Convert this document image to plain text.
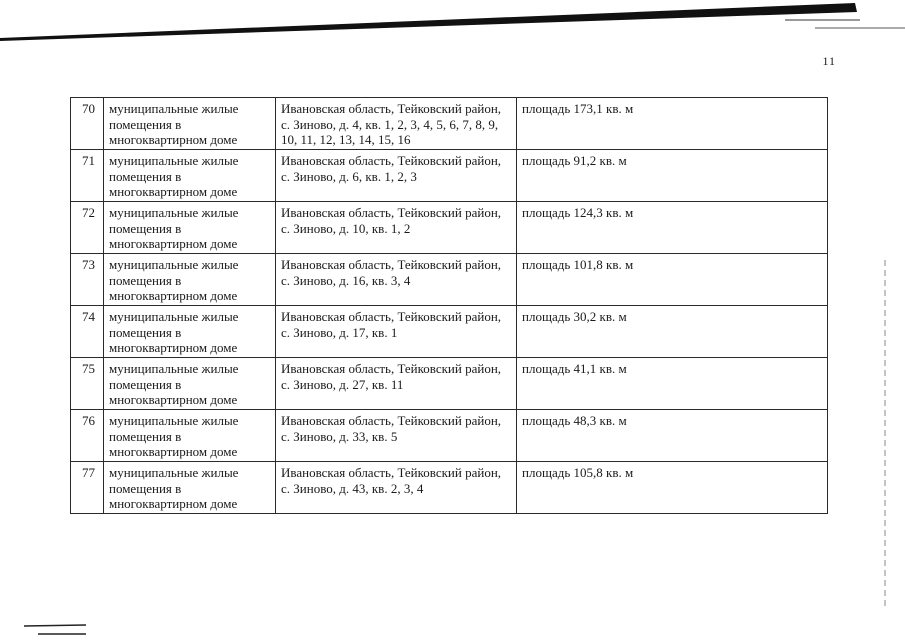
11
70	муниципальные жилые помещения в многоквартирном доме	Ивановская область, Тейковский район, с. Зиново, д. 4, кв. 1, 2, 3, 4, 5, 6, 7, 8, 9, 10, 11, 12, 13, 14, 15, 16	площадь 173,1 кв. м
71	муниципальные жилые помещения в многоквартирном доме	Ивановская область, Тейковский район, с. Зиново, д. 6, кв. 1, 2, 3	площадь 91,2 кв. м
72	муниципальные жилые помещения в многоквартирном доме	Ивановская область, Тейковский район, с. Зиново, д. 10, кв. 1, 2	площадь 124,3 кв. м
73	муниципальные жилые помещения в многоквартирном доме	Ивановская область, Тейковский район, с. Зиново, д. 16, кв. 3, 4	площадь 101,8 кв. м
74	муниципальные жилые помещения в многоквартирном доме	Ивановская область, Тейковский район, с. Зиново, д. 17, кв. 1	площадь 30,2 кв. м
75	муниципальные жилые помещения в многоквартирном доме	Ивановская область, Тейковский район, с. Зиново, д. 27, кв. 11	площадь 41,1 кв. м
76	муниципальные жилые помещения в многоквартирном доме	Ивановская область, Тейковский район, с. Зиново, д. 33, кв. 5	площадь 48,3 кв. м
77	муниципальные жилые помещения в многоквартирном доме	Ивановская область, Тейковский район, с. Зиново, д. 43, кв. 2, 3, 4	площадь 105,8 кв. м
